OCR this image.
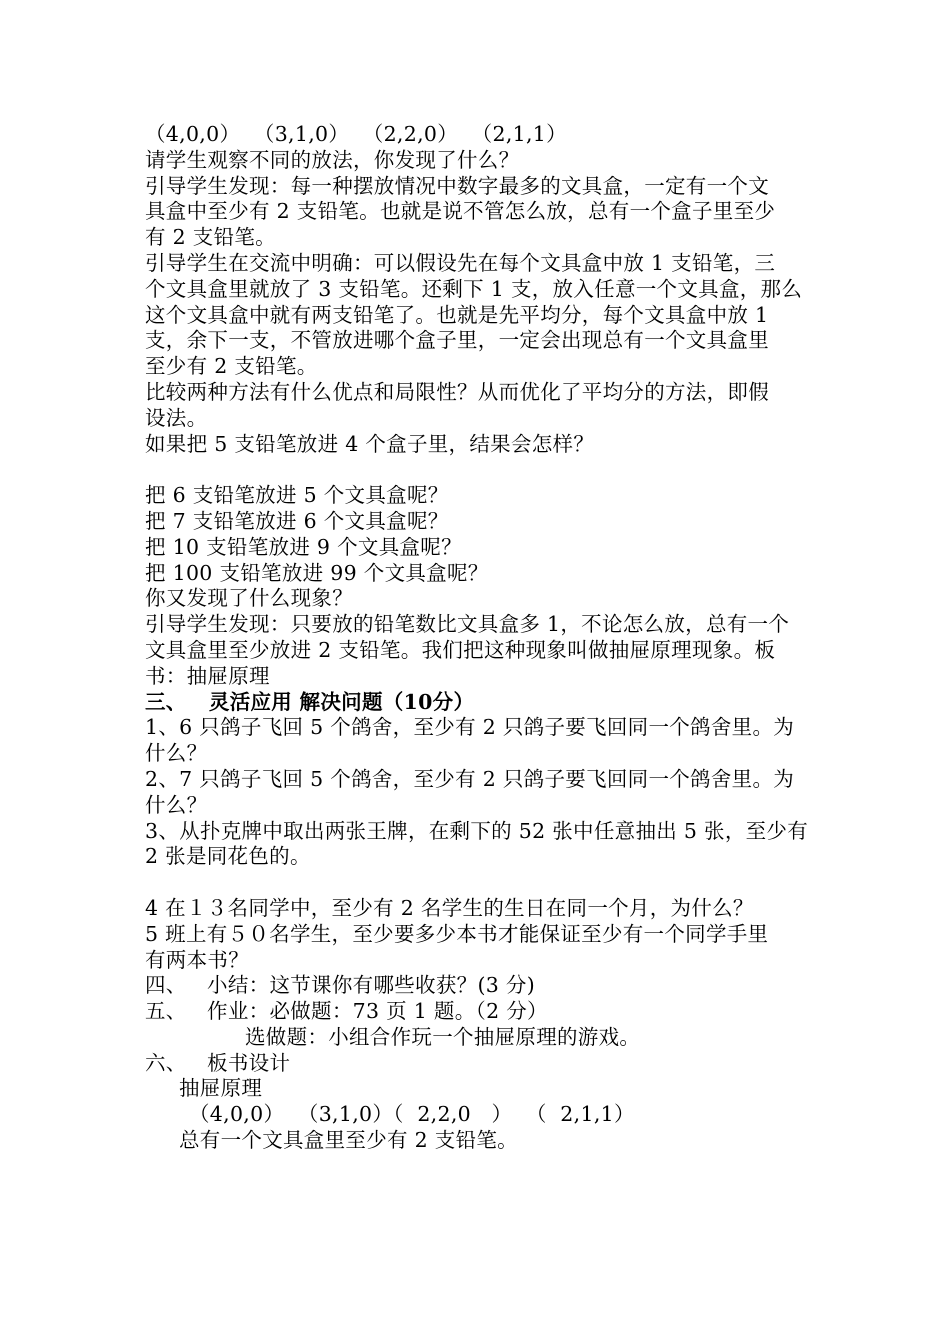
（4,0,0）  （3,1,0）  （2,2,0）  （2,1,1）

请学生观察不同的放法，你发现了什么？

引导学生发现：每一种摆放情况中数字最多的文具盒，一定有一个文

具盒中至少有 2 支铅笔。也就是说不管怎么放，总有一个盒子里至少

有 2 支铅笔。

引导学生在交流中明确：可以假设先在每个文具盒中放 1 支铅笔，三

个文具盒里就放了 3 支铅笔。还剩下 1 支，放入任意一个文具盒，那么

这个文具盒中就有两支铅笔了。也就是先平均分，每个文具盒中放 1

支，余下一支，不管放进哪个盒子里，一定会出现总有一个文具盒里

至少有 2 支铅笔。

比较两种方法有什么优点和局限性？从而优化了平均分的方法，即假

设法。

如果把 5 支铅笔放进 4 个盒子里，结果会怎样？

把 6 支铅笔放进 5 个文具盒呢？

把 7 支铅笔放进 6 个文具盒呢？

把 10 支铅笔放进 9 个文具盒呢？

把 100 支铅笔放进 99 个文具盒呢？

你又发现了什么现象？

引导学生发现：只要放的铅笔数比文具盒多 1，不论怎么放，总有一个

文具盒里至少放进 2 支铅笔。我们把这种现象叫做抽屉原理现象。板

书：抽屉原理

三、   灵活应用 解决问题（10分）

1、6 只鸽子飞回 5 个鸽舍，至少有 2 只鸽子要飞回同一个鸽舍里。为

什么？

2、7 只鸽子飞回 5 个鸽舍，至少有 2 只鸽子要飞回同一个鸽舍里。为

什么？

3、从扑克牌中取出两张王牌，在剩下的 52 张中任意抽出 5 张，至少有

2 张是同花色的。

4 在１３名同学中，至少有 2 名学生的生日在同一个月，为什么？

5 班上有５０名学生，至少要多少本书才能保证至少有一个同学手里

有两本书？

四、   小结：这节课你有哪些收获？(3 分)

五、   作业：必做题：73 页 1 题。（2 分）

选做题：小组合作玩一个抽屉原理的游戏。

六、   板书设计

抽屉原理

（4,0,0）  （3,1,0）（  2,2,0   ）  （  2,1,1）

总有一个文具盒里至少有 2 支铅笔。
